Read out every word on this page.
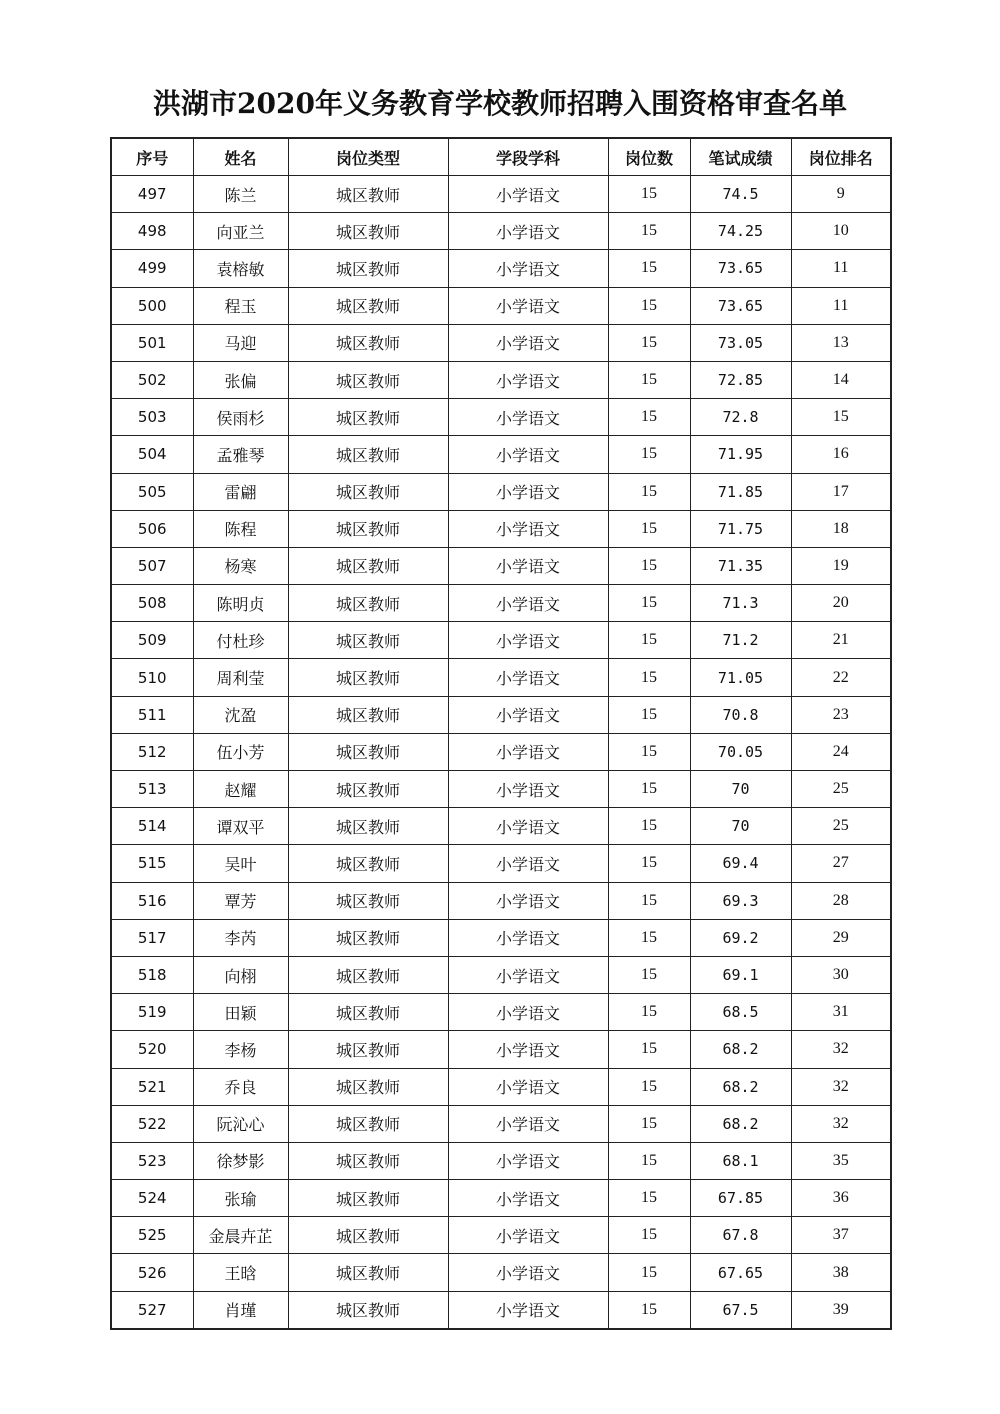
洪湖市2020年义务教育学校教师招聘入围资格审查名单
序号	姓名	岗位类型	学段学科	岗位数	笔试成绩	岗位排名
497	陈兰	城区教师	小学语文	15	74.5	9
498	向亚兰	城区教师	小学语文	15	74.25	10
499	袁榕敏	城区教师	小学语文	15	73.65	11
500	程玉	城区教师	小学语文	15	73.65	11
501	马迎	城区教师	小学语文	15	73.05	13
502	张偏	城区教师	小学语文	15	72.85	14
503	侯雨杉	城区教师	小学语文	15	72.8	15
504	孟雅琴	城区教师	小学语文	15	71.95	16
505	雷翩	城区教师	小学语文	15	71.85	17
506	陈程	城区教师	小学语文	15	71.75	18
507	杨寒	城区教师	小学语文	15	71.35	19
508	陈明贞	城区教师	小学语文	15	71.3	20
509	付杜珍	城区教师	小学语文	15	71.2	21
510	周利莹	城区教师	小学语文	15	71.05	22
511	沈盈	城区教师	小学语文	15	70.8	23
512	伍小芳	城区教师	小学语文	15	70.05	24
513	赵耀	城区教师	小学语文	15	70	25
514	谭双平	城区教师	小学语文	15	70	25
515	吴叶	城区教师	小学语文	15	69.4	27
516	覃芳	城区教师	小学语文	15	69.3	28
517	李芮	城区教师	小学语文	15	69.2	29
518	向栩	城区教师	小学语文	15	69.1	30
519	田颖	城区教师	小学语文	15	68.5	31
520	李杨	城区教师	小学语文	15	68.2	32
521	乔良	城区教师	小学语文	15	68.2	32
522	阮沁心	城区教师	小学语文	15	68.2	32
523	徐梦影	城区教师	小学语文	15	68.1	35
524	张瑜	城区教师	小学语文	15	67.85	36
525	金晨卉芷	城区教师	小学语文	15	67.8	37
526	王晗	城区教师	小学语文	15	67.65	38
527	肖瑾	城区教师	小学语文	15	67.5	39
